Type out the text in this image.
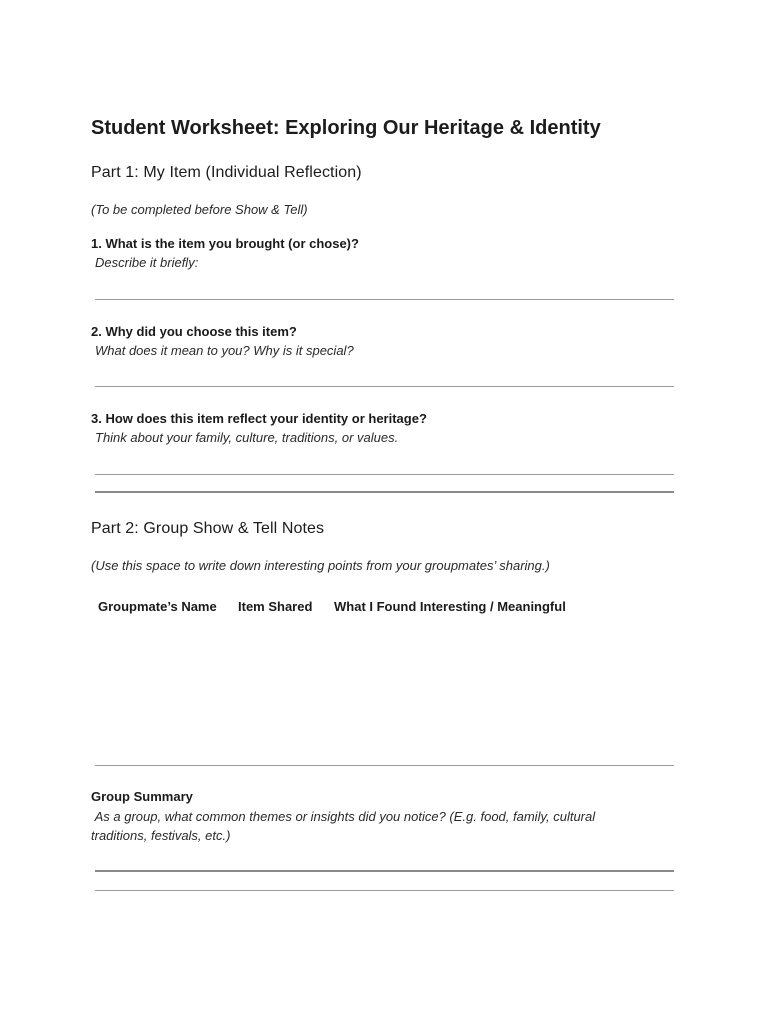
Student Worksheet: Exploring Our Heritage & Identity
Part 1: My Item (Individual Reflection)
(To be completed before Show & Tell)
1. What is the item you brought (or chose)?
Describe it briefly:
2. Why did you choose this item?
What does it mean to you? Why is it special?
3. How does this item reflect your identity or heritage?
Think about your family, culture, traditions, or values.
Part 2: Group Show & Tell Notes
(Use this space to write down interesting points from your groupmates’ sharing.)
Groupmate’s Name Item Shared What I Found Interesting / Meaningful
Group Summary
As a group, what common themes or insights did you notice? (E.g. food, family, cultural traditions, festivals, etc.)
